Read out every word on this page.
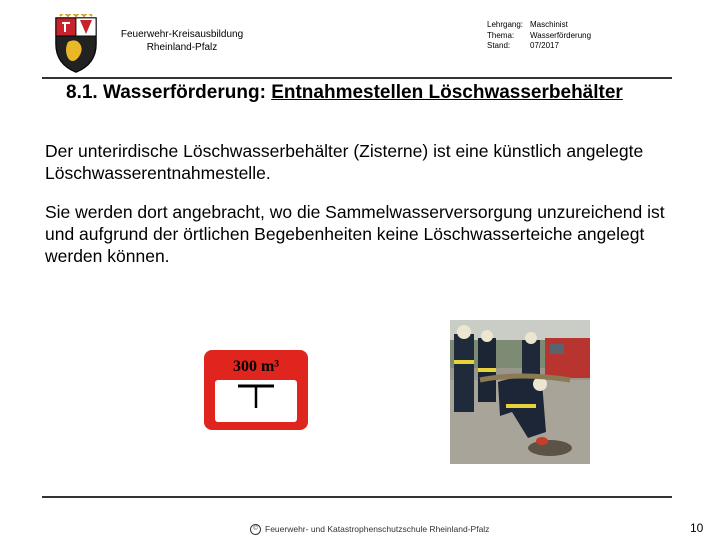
Feuerwehr-Kreisausbildung
Rheinland-Pfalz
Lehrgang: Maschinist
Thema:	Wasserförderung
Stand:	07/2017
8.1. Wasserförderung: Entnahmestellen Löschwasserbehälter
Der unterirdische Löschwasserbehälter (Zisterne) ist eine künstlich angelegte Löschwasserentnahmestelle.
Sie werden dort angebracht, wo die Sammelwasserversorgung unzureichend ist und aufgrund der örtlichen Begebenheiten keine Löschwasserteiche angelegt werden können.
300 m³
© Feuerwehr- und Katastrophenschutzschule Rheinland-Pfalz	10
